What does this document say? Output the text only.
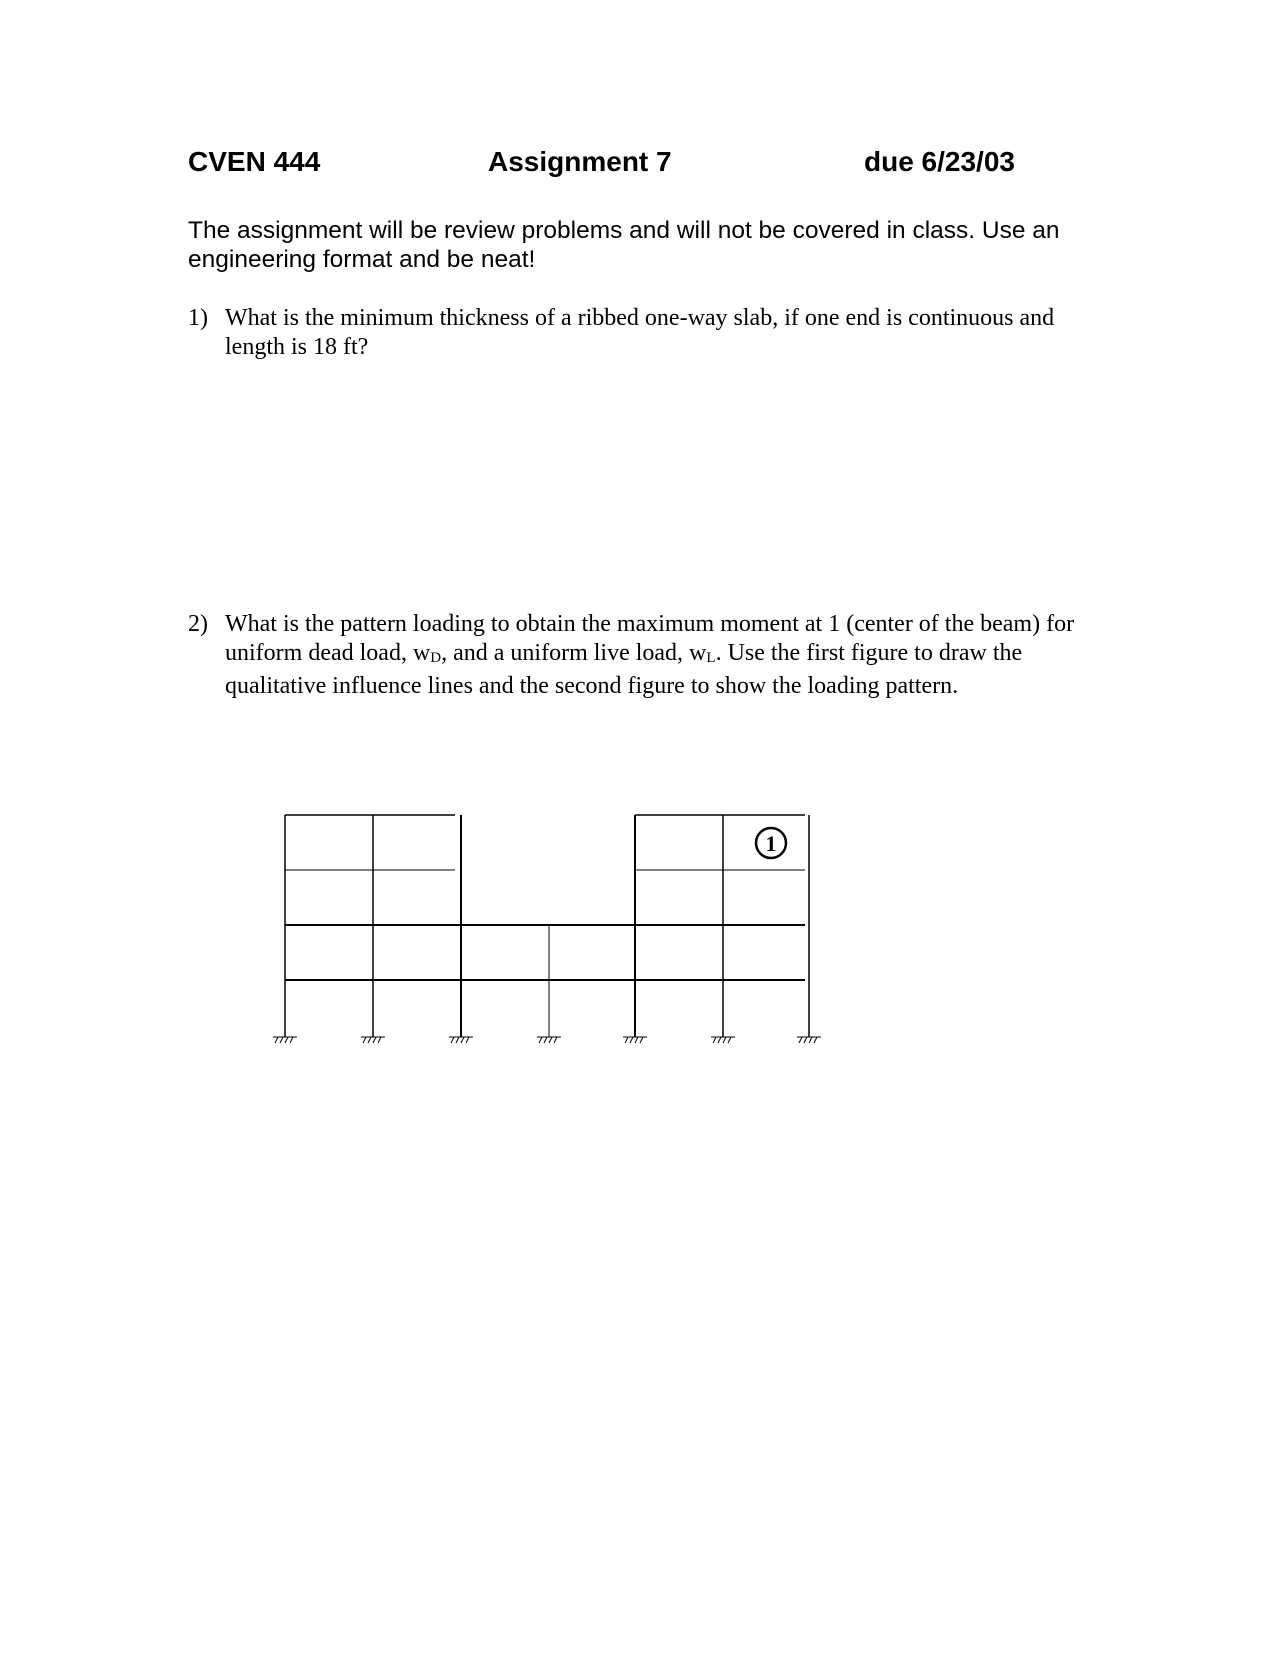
CVEN 444	Assignment 7	due 6/23/03
The assignment will be review problems and will not be covered in class. Use an
engineering format and be neat!
1) What is the minimum thickness of a ribbed one-way slab, if one end is continuous and length is 18 ft?
2) What is the pattern loading to obtain the maximum moment at 1 (center of the beam) for uniform dead load, $w_D$, and a uniform live load, $w_L$. Use the first figure to draw the qualitative influence lines and the second figure to show the loading pattern.
1
